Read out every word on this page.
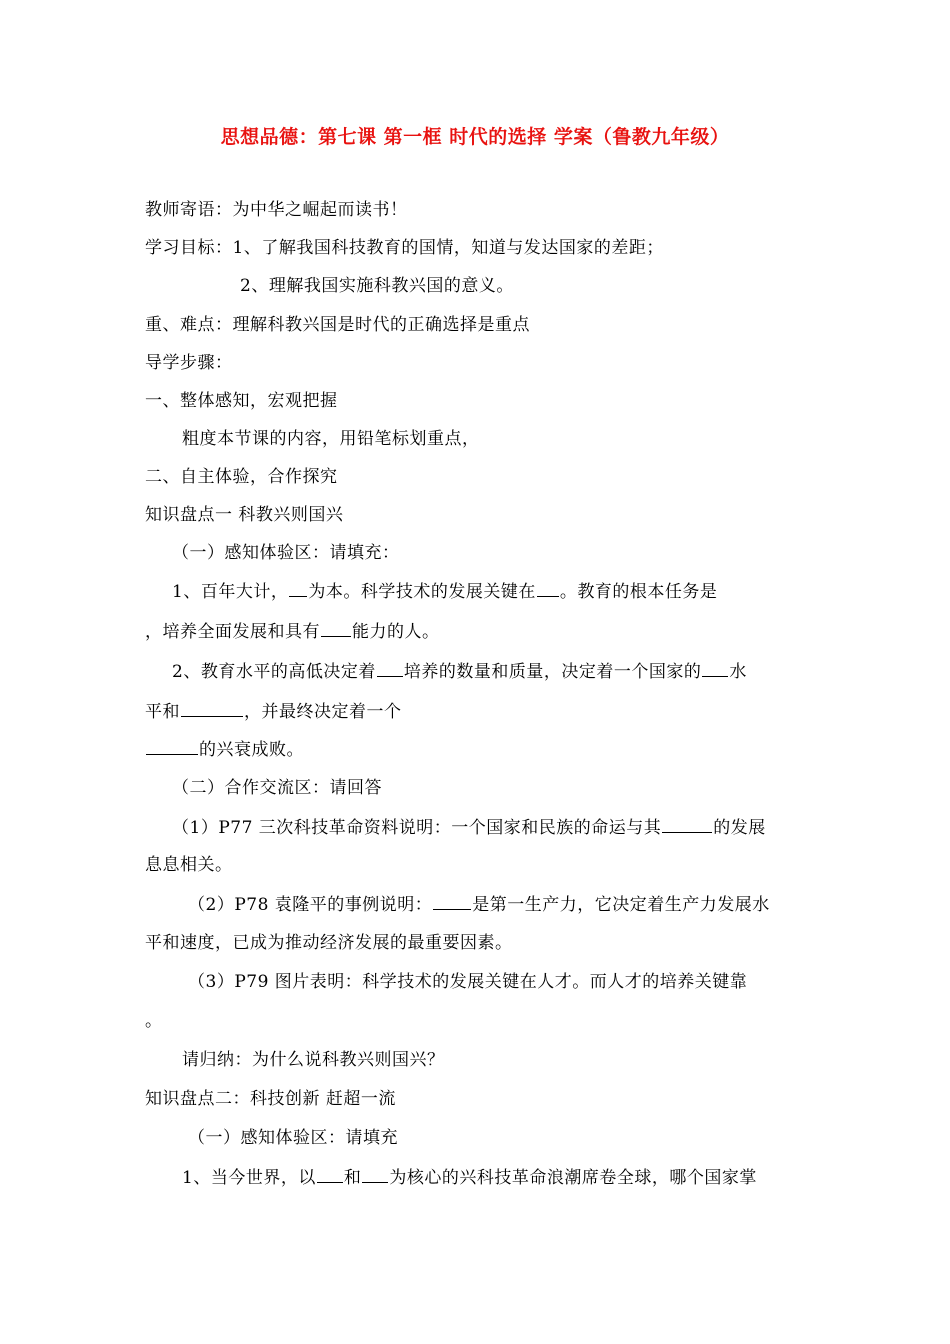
思想品德：第七课 第一框 时代的选择 学案（鲁教九年级）
教师寄语：为中华之崛起而读书！
学习目标：1、了解我国科技教育的国情，知道与发达国家的差距；
2、理解我国实施科教兴国的意义。
重、难点：理解科教兴国是时代的正确选择是重点
导学步骤：
一、整体感知，宏观把握
粗度本节课的内容，用铅笔标划重点，
二、自主体验，合作探究
知识盘点一 科教兴则国兴
（一）感知体验区：请填充：
1、百年大计， 为本。科学技术的发展关键在 。教育的根本任务是
，培养全面发展和具有 能力的人。
2、教育水平的高低决定着 培养的数量和质量，决定着一个国家的 水
平和	，并最终决定着一个
的兴衰成败。
（二）合作交流区：请回答
（1）P77 三次科技革命资料说明：一个国家和民族的命运与其	的发展
息息相关。
（2）P78 袁隆平的事例说明： 是第一生产力，它决定着生产力发展水
平和速度，已成为推动经济发展的最重要因素。
（3）P79 图片表明：科学技术的发展关键在人才。而人才的培养关键靠
。
请归纳：为什么说科教兴则国兴？
知识盘点二：科技创新 赶超一流
（一）感知体验区：请填充
1、当今世界，以 和 为核心的兴科技革命浪潮席卷全球，哪个国家掌
